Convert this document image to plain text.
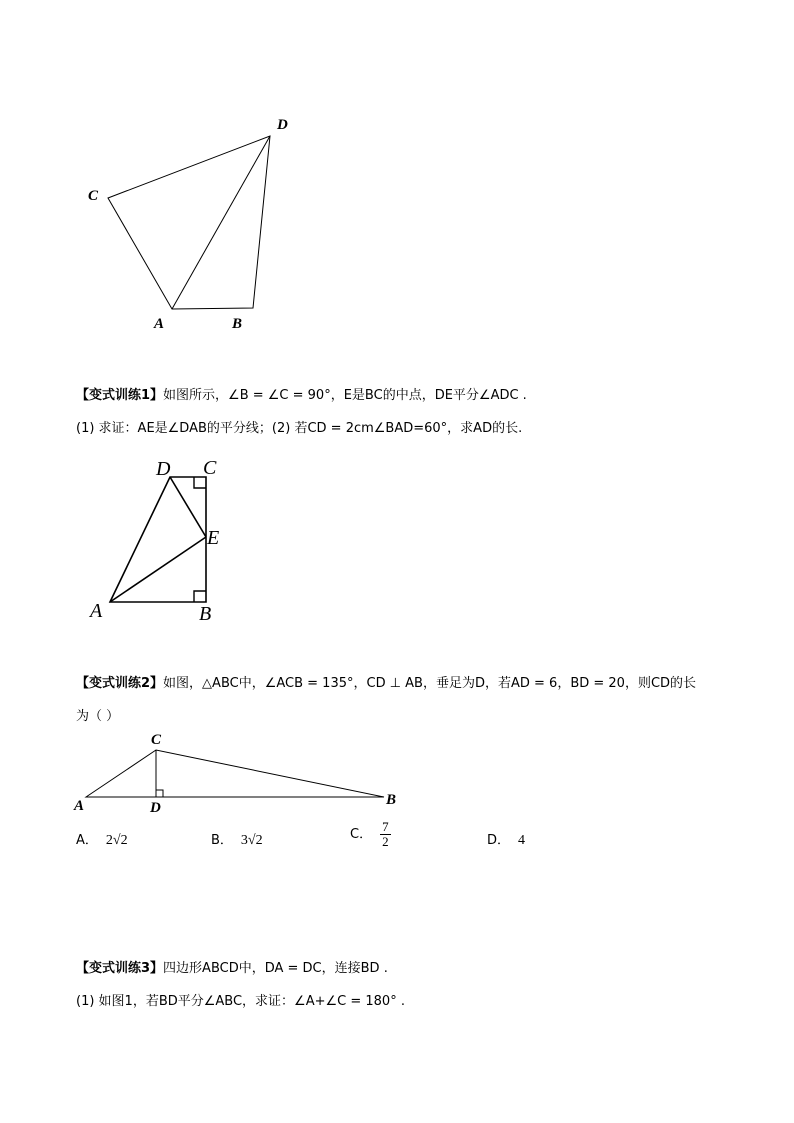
D
C
A	B
【变式训练1】如图所示，∠B = ∠C = 90°，E是BC的中点，DE平分∠ADC .
(1) 求证：AE是∠DAB的平分线；(2) 若CD = 2cm∠BAD=60°，求AD的长.
D C
E
A	B
【变式训练2】如图，△ABC中，∠ACB = 135°，CD ⊥ AB，垂足为D，若AD = 6，BD = 20，则CD的长
为（ ）
C
A	D	B
A． 2√2	B． 3√2	C． $\frac{7}{2}$	D． 4
【变式训练3】四边形ABCD中，DA = DC，连接BD .
(1) 如图1，若BD平分∠ABC，求证：∠A+∠C = 180° .
